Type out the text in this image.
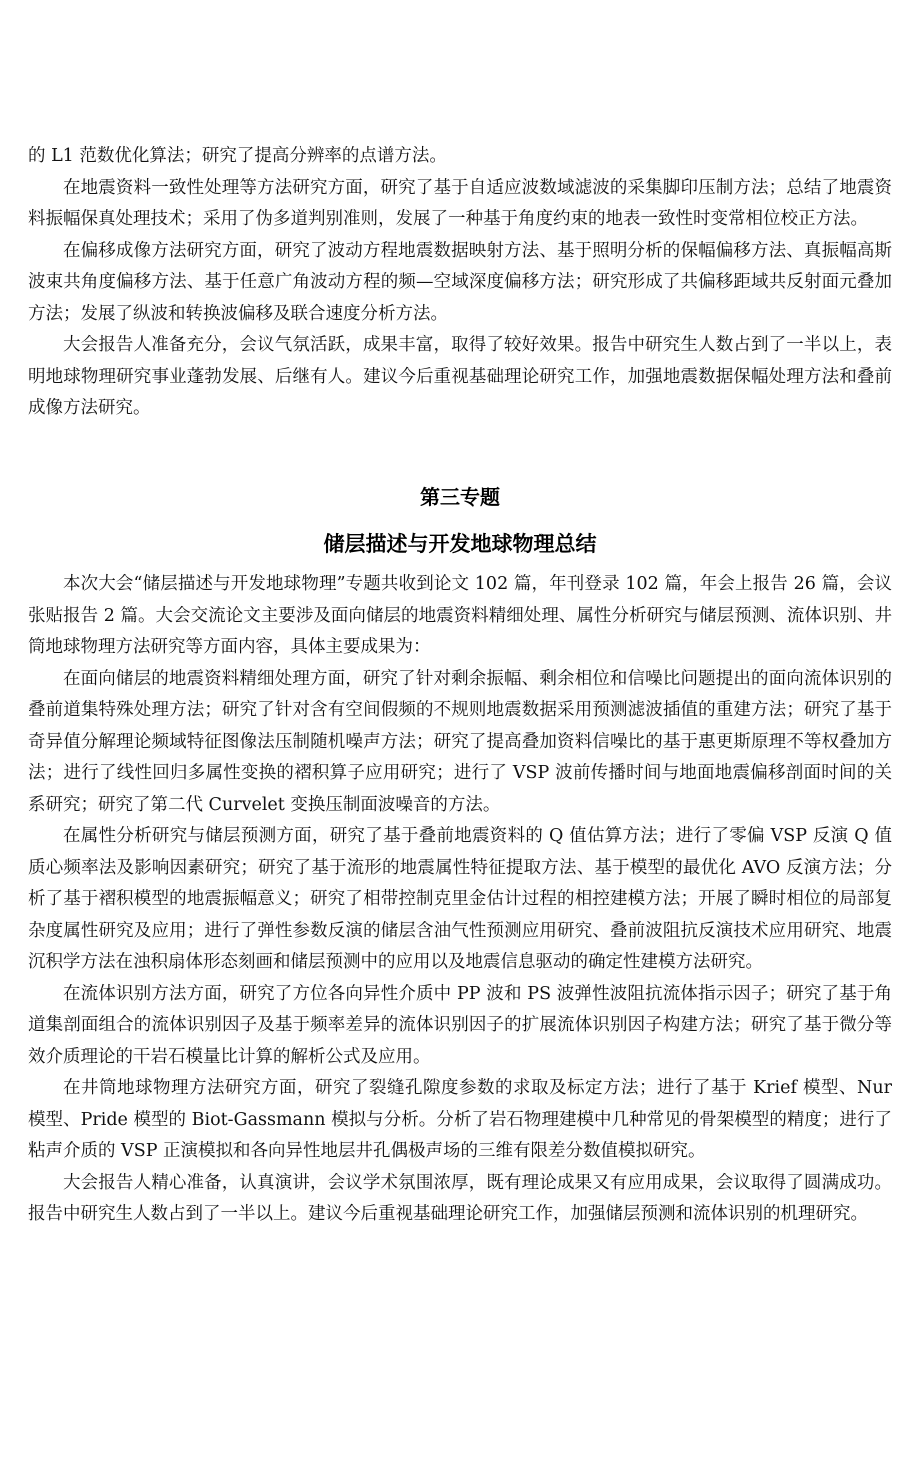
的 L1 范数优化算法；研究了提高分辨率的点谱方法。

在地震资料一致性处理等方法研究方面，研究了基于自适应波数域滤波的采集脚印压制方法；总结了地震资料振幅保真处理技术；采用了伪多道判别准则，发展了一种基于角度约束的地表一致性时变常相位校正方法。

在偏移成像方法研究方面，研究了波动方程地震数据映射方法、基于照明分析的保幅偏移方法、真振幅高斯波束共角度偏移方法、基于任意广角波动方程的频—空域深度偏移方法；研究形成了共偏移距域共反射面元叠加方法；发展了纵波和转换波偏移及联合速度分析方法。

大会报告人准备充分，会议气氛活跃，成果丰富，取得了较好效果。报告中研究生人数占到了一半以上，表明地球物理研究事业蓬勃发展、后继有人。建议今后重视基础理论研究工作，加强地震数据保幅处理方法和叠前成像方法研究。

第三专题
储层描述与开发地球物理总结

本次大会“储层描述与开发地球物理”专题共收到论文 102 篇，年刊登录 102 篇，年会上报告 26 篇，会议张贴报告 2 篇。大会交流论文主要涉及面向储层的地震资料精细处理、属性分析研究与储层预测、流体识别、井筒地球物理方法研究等方面内容，具体主要成果为：

在面向储层的地震资料精细处理方面，研究了针对剩余振幅、剩余相位和信噪比问题提出的面向流体识别的叠前道集特殊处理方法；研究了针对含有空间假频的不规则地震数据采用预测滤波插值的重建方法；研究了基于奇异值分解理论频域特征图像法压制随机噪声方法；研究了提高叠加资料信噪比的基于惠更斯原理不等权叠加方法；进行了线性回归多属性变换的褶积算子应用研究；进行了 VSP 波前传播时间与地面地震偏移剖面时间的关系研究；研究了第二代 Curvelet 变换压制面波噪音的方法。

在属性分析研究与储层预测方面，研究了基于叠前地震资料的 Q 值估算方法；进行了零偏 VSP 反演 Q 值质心频率法及影响因素研究；研究了基于流形的地震属性特征提取方法、基于模型的最优化 AVO 反演方法；分析了基于褶积模型的地震振幅意义；研究了相带控制克里金估计过程的相控建模方法；开展了瞬时相位的局部复杂度属性研究及应用；进行了弹性参数反演的储层含油气性预测应用研究、叠前波阻抗反演技术应用研究、地震沉积学方法在浊积扇体形态刻画和储层预测中的应用以及地震信息驱动的确定性建模方法研究。

在流体识别方法方面，研究了方位各向异性介质中 PP 波和 PS 波弹性波阻抗流体指示因子；研究了基于角道集剖面组合的流体识别因子及基于频率差异的流体识别因子的扩展流体识别因子构建方法；研究了基于微分等效介质理论的干岩石模量比计算的解析公式及应用。

在井筒地球物理方法研究方面，研究了裂缝孔隙度参数的求取及标定方法；进行了基于 Krief 模型、Nur 模型、Pride 模型的 Biot-Gassmann 模拟与分析。分析了岩石物理建模中几种常见的骨架模型的精度；进行了粘声介质的 VSP 正演模拟和各向异性地层井孔偶极声场的三维有限差分数值模拟研究。

大会报告人精心准备，认真演讲，会议学术氛围浓厚，既有理论成果又有应用成果，会议取得了圆满成功。报告中研究生人数占到了一半以上。建议今后重视基础理论研究工作，加强储层预测和流体识别的机理研究。
